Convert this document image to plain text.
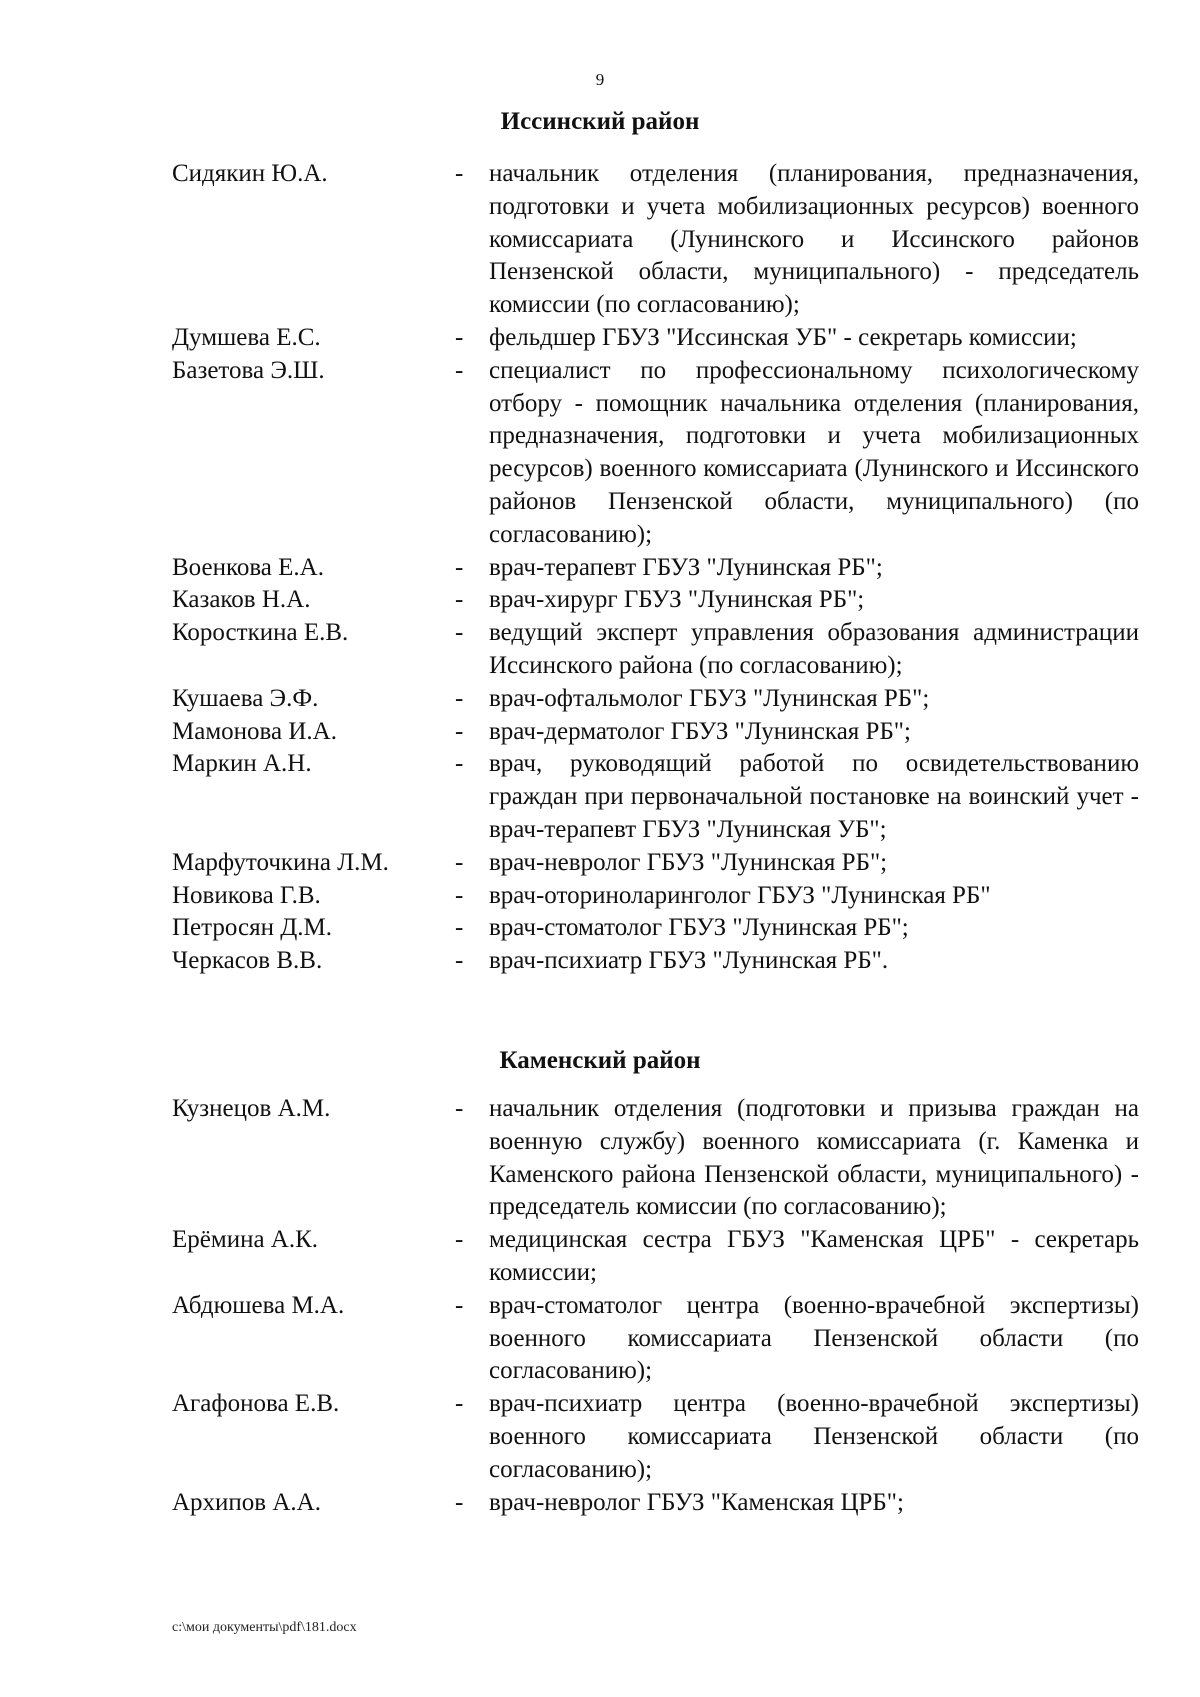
9
Иссинский район
Сидякин Ю.А.	-	начальник отделения (планирования, предназначения, подготовки и учета мобилизационных ресурсов) военного комиссариата (Лунинского и Иссинского районов Пензенской области, муниципального) - председатель комиссии (по согласованию);
Думшева Е.С.	-	фельдшер ГБУЗ "Иссинская УБ" - секретарь комиссии;
Базетова Э.Ш.	-	специалист по профессиональному психологическому отбору - помощник начальника отделения (планирования, предназначения, подготовки и учета мобилизационных ресурсов) военного комиссариата (Лунинского и Иссинского районов Пензенской области, муниципального) (по согласованию);
Военкова Е.А.	-	врач-терапевт ГБУЗ "Лунинская РБ";
Казаков Н.А.	-	врач-хирург ГБУЗ "Лунинская РБ";
Коросткина Е.В.	-	ведущий эксперт управления образования администрации Иссинского района (по согласованию);
Кушаева Э.Ф.	-	врач-офтальмолог ГБУЗ "Лунинская РБ";
Мамонова И.А.	-	врач-дерматолог ГБУЗ "Лунинская РБ";
Маркин А.Н.	-	врач, руководящий работой по освидетельствованию граждан при первоначальной постановке на воинский учет - врач-терапевт ГБУЗ "Лунинская УБ";
Марфуточкина Л.М.	-	врач-невролог ГБУЗ "Лунинская РБ";
Новикова Г.В.	-	врач-оториноларинголог ГБУЗ "Лунинская РБ"
Петросян Д.М.	-	врач-стоматолог ГБУЗ "Лунинская РБ";
Черкасов В.В.	-	врач-психиатр ГБУЗ "Лунинская РБ".
Каменский район
Кузнецов А.М.	-	начальник отделения (подготовки и призыва граждан на военную службу) военного комиссариата (г. Каменка и Каменского района Пензенской области, муниципального) - председатель комиссии (по согласованию);
Ерёмина А.К.	-	медицинская сестра ГБУЗ "Каменская ЦРБ" - секретарь комиссии;
Абдюшева М.А.	-	врач-стоматолог центра (военно-врачебной экспертизы) военного комиссариата Пензенской области (по согласованию);
Агафонова Е.В.	-	врач-психиатр центра (военно-врачебной экспертизы) военного комиссариата Пензенской области (по согласованию);
Архипов А.А.	-	врач-невролог ГБУЗ "Каменская ЦРБ";
c:\мои документы\pdf\181.docx
